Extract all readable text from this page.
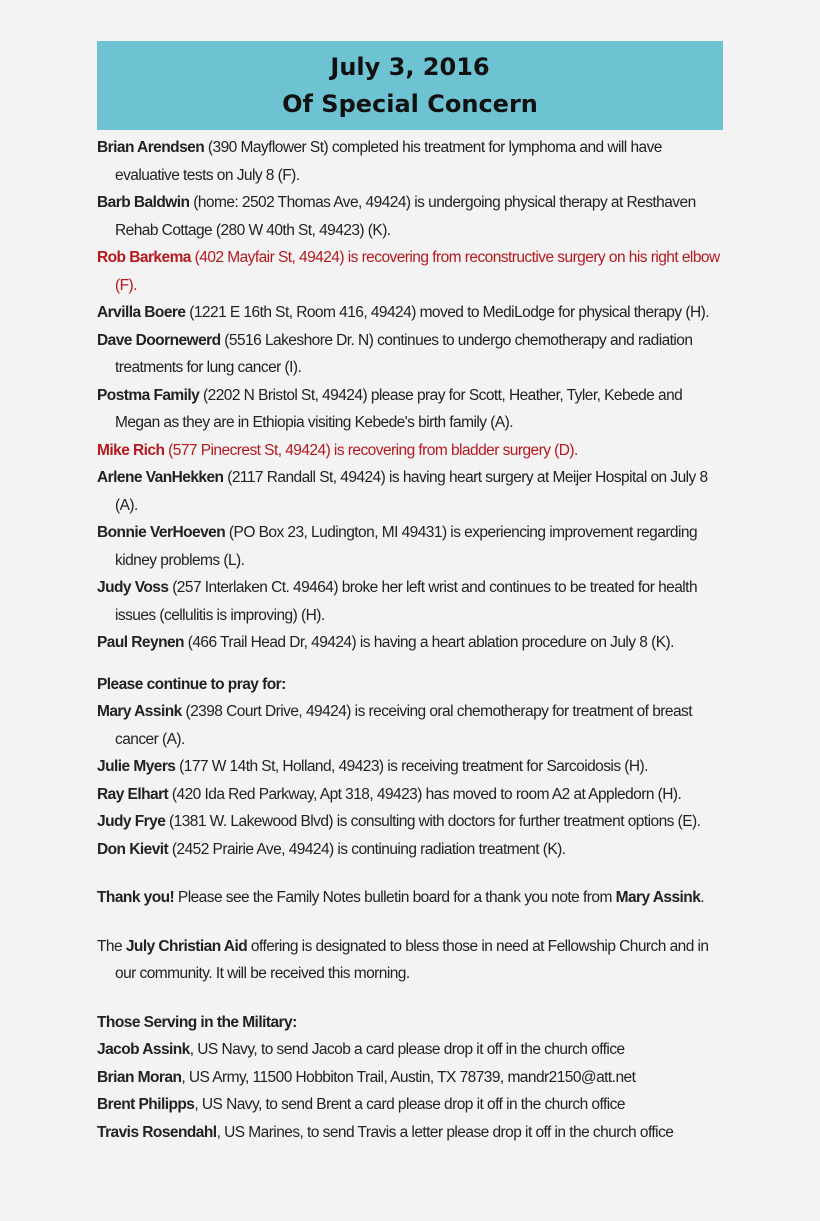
July 3, 2016
Of Special Concern

Brian Arendsen (390 Mayflower St) completed his treatment for lymphoma and will have evaluative tests on July 8 (F).

Barb Baldwin (home: 2502 Thomas Ave, 49424) is undergoing physical therapy at Resthaven Rehab Cottage (280 W 40th St, 49423) (K).

Rob Barkema (402 Mayfair St, 49424) is recovering from reconstructive surgery on his right elbow (F).

Arvilla Boere (1221 E 16th St, Room 416, 49424) moved to MediLodge for physical therapy (H).

Dave Doornewerd (5516 Lakeshore Dr. N) continues to undergo chemotherapy and radiation treatments for lung cancer (I).

Postma Family (2202 N Bristol St, 49424) please pray for Scott, Heather, Tyler, Kebede and Megan as they are in Ethiopia visiting Kebede's birth family (A).

Mike Rich (577 Pinecrest St, 49424) is recovering from bladder surgery (D).

Arlene VanHekken (2117 Randall St, 49424) is having heart surgery at Meijer Hospital on July 8 (A).

Bonnie VerHoeven (PO Box 23, Ludington, MI 49431) is experiencing improvement regarding kidney problems (L).

Judy Voss (257 Interlaken Ct. 49464) broke her left wrist and continues to be treated for health issues (cellulitis is improving) (H).

Paul Reynen (466 Trail Head Dr, 49424) is having a heart ablation procedure on July 8 (K).

Please continue to pray for:

Mary Assink (2398 Court Drive, 49424) is receiving oral chemotherapy for treatment of breast cancer (A).

Julie Myers (177 W 14th St, Holland, 49423) is receiving treatment for Sarcoidosis (H).

Ray Elhart (420 Ida Red Parkway, Apt 318, 49423) has moved to room A2 at Appledorn (H).

Judy Frye (1381 W. Lakewood Blvd) is consulting with doctors for further treatment options (E).

Don Kievit (2452 Prairie Ave, 49424) is continuing radiation treatment (K).

Thank you! Please see the Family Notes bulletin board for a thank you note from Mary Assink.

The July Christian Aid offering is designated to bless those in need at Fellowship Church and in our community. It will be received this morning.

Those Serving in the Military:

Jacob Assink, US Navy, to send Jacob a card please drop it off in the church office

Brian Moran, US Army, 11500 Hobbiton Trail, Austin, TX 78739, mandr2150@att.net

Brent Philipps, US Navy, to send Brent a card please drop it off in the church office

Travis Rosendahl, US Marines, to send Travis a letter please drop it off in the church office
